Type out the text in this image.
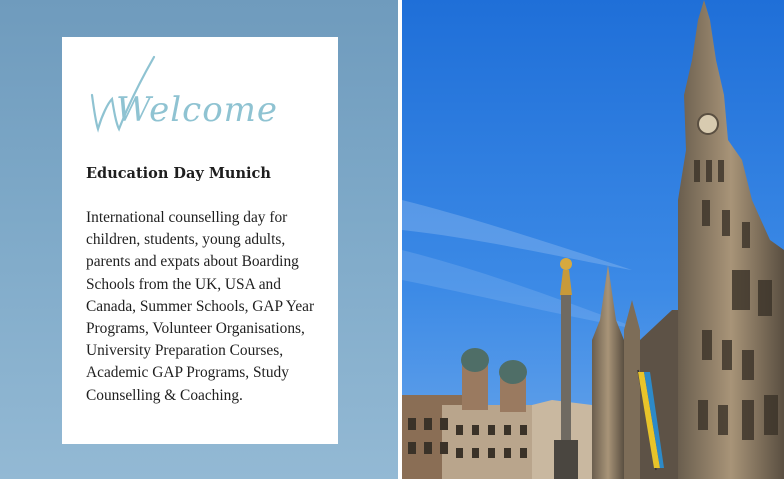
Welcome
Education Day Munich
International counselling day for children, students, young adults, parents and expats about Boarding Schools from the UK, USA and Canada, Summer Schools, GAP Year Programs, Volunteer Organisations, University Preparation Courses, Academic GAP Programs, Study Counselling & Coaching.
